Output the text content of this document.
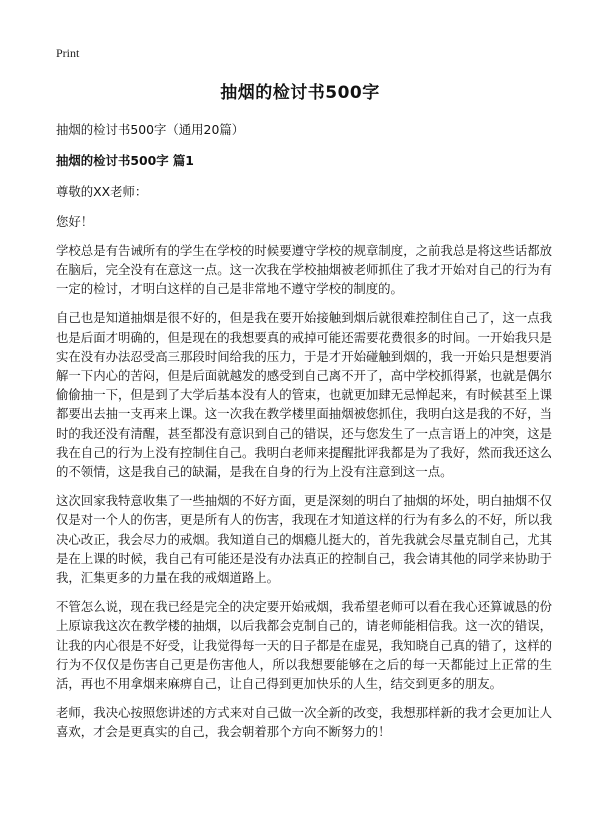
Print
抽烟的检讨书500字

抽烟的检讨书500字（通用20篇）

抽烟的检讨书500字 篇1

尊敬的XX老师：

您好！

学校总是有告诫所有的学生在学校的时候要遵守学校的规章制度，之前我总是将这些话都放在脑后，完全没有在意这一点。这一次我在学校抽烟被老师抓住了我才开始对自己的行为有一定的检讨，才明白这样的自己是非常地不遵守学校的制度的。

自己也是知道抽烟是很不好的，但是我在要开始接触到烟后就很难控制住自己了，这一点我也是后面才明确的，但是现在的我想要真的戒掉可能还需要花费很多的时间。一开始我只是实在没有办法忍受高三那段时间给我的压力，于是才开始碰触到烟的，我一开始只是想要消解一下内心的苦闷，但是后面就越发的感受到自己离不开了，高中学校抓得紧，也就是偶尔偷偷抽一下，但是到了大学后基本没有人的管束，也就更加肆无忌惮起来，有时候甚至上课都要出去抽一支再来上课。这一次我在教学楼里面抽烟被您抓住，我明白这是我的不好，当时的我还没有清醒，甚至都没有意识到自己的错误，还与您发生了一点言语上的冲突，这是我在自己的行为上没有控制住自己。我明白老师来提醒批评我都是为了我好，然而我还这么的不领情，这是我自己的缺漏，是我在自身的行为上没有注意到这一点。

这次回家我特意收集了一些抽烟的不好方面，更是深刻的明白了抽烟的坏处，明白抽烟不仅仅是对一个人的伤害，更是所有人的伤害，我现在才知道这样的行为有多么的不好，所以我决心改正，我会尽力的戒烟。我知道自己的烟瘾儿挺大的，首先我就会尽量克制自己，尤其是在上课的时候，我自己有可能还是没有办法真正的控制自己，我会请其他的同学来协助于我，汇集更多的力量在我的戒烟道路上。

不管怎么说，现在我已经是完全的决定要开始戒烟，我希望老师可以看在我心还算诚恳的份上原谅我这次在教学楼的抽烟，以后我都会克制自己的，请老师能相信我。这一次的错误，让我的内心很是不好受，让我觉得每一天的日子都是在虚晃，我知晓自己真的错了，这样的行为不仅仅是伤害自己更是伤害他人，所以我想要能够在之后的每一天都能过上正常的生活，再也不用拿烟来麻痹自己，让自己得到更加快乐的人生，结交到更多的朋友。

老师，我决心按照您讲述的方式来对自己做一次全新的改变，我想那样新的我才会更加让人喜欢，才会是更真实的自己，我会朝着那个方向不断努力的！
